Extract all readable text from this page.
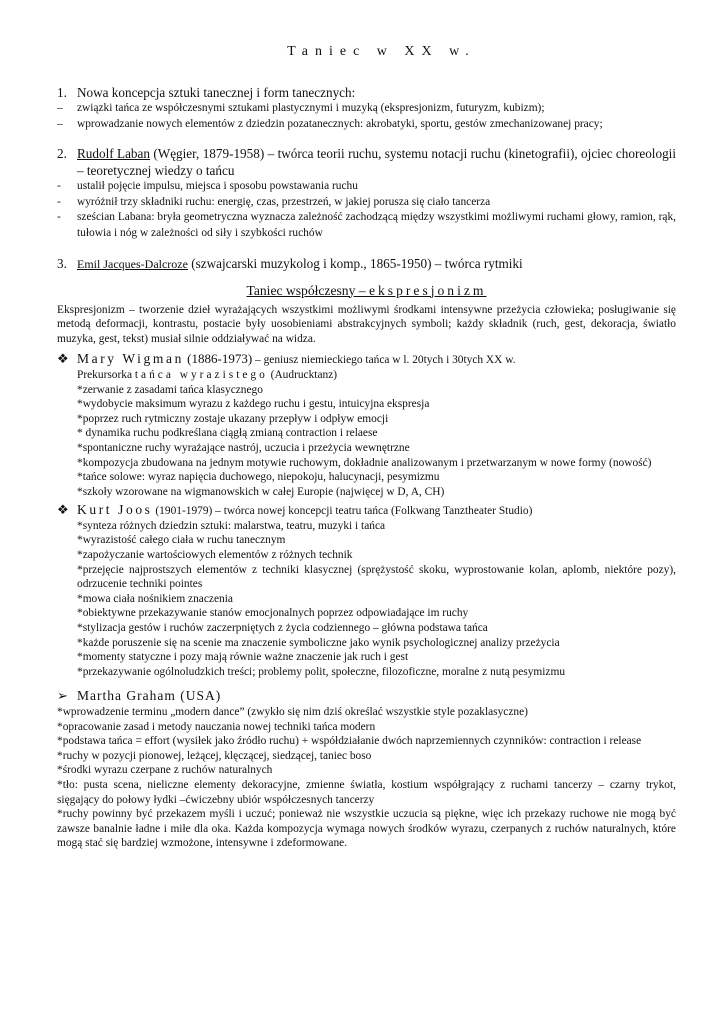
Taniec w XX w.
1. Nowa koncepcja sztuki tanecznej i form tanecznych:
–	związki tańca ze współczesnymi sztukami plastycznymi i muzyką (ekspresjonizm, futuryzm, kubizm);
–	wprowadzanie nowych elementów z dziedzin pozatanecznych: akrobatyki, sportu, gestów zmechanizowanej pracy;
2. Rudolf Laban (Węgier, 1879-1958) – twórca teorii ruchu, systemu notacji ruchu (kinetografii), ojciec choreologii – teoretycznej wiedzy o tańcu
-	ustalił pojęcie impulsu, miejsca i sposobu powstawania ruchu
-	wyróżnił trzy składniki ruchu: energię, czas, przestrzeń, w jakiej porusza się ciało tancerza
-	sześcian Labana: bryła geometryczna wyznacza zależność zachodzącą między wszystkimi możliwymi ruchami głowy, ramion, rąk, tułowia i nóg w zależności od siły i szybkości ruchów
3. Emil Jacques-Dalcroze (szwajcarski muzykolog i komp., 1865-1950) – twórca rytmiki
Taniec współczesny – ekspresjonizm
Ekspresjonizm – tworzenie dzieł wyrażających wszystkimi możliwymi środkami intensywne przeżycia człowieka; posługiwanie się metodą deformacji, kontrastu, postacie były uosobieniami abstrakcyjnych symboli; każdy składnik (ruch, gest, dekoracja, światło muzyka, gest, tekst) musiał silnie oddziaływać na widza.
❖ Mary Wigman (1886-1973) – geniusz niemieckiego tańca w l. 20tych i 30tych XX w.
Prekursorka tańca wyrazistego (Audrucktanz)
*zerwanie z zasadami tańca klasycznego
*wydobycie maksimum wyrazu z każdego ruchu i gestu, intuicyjna ekspresja
*poprzez ruch rytmiczny zostaje ukazany przepływ i odpływ emocji
* dynamika ruchu podkreślana ciągłą zmianą contraction i relaese
*spontaniczne ruchy wyrażające nastrój, uczucia i przeżycia wewnętrzne
*kompozycja zbudowana na jednym motywie ruchowym, dokładnie analizowanym i przetwarzanym w nowe formy (nowość)
*tańce solowe: wyraz napięcia duchowego, niepokoju, halucynacji, pesymizmu
*szkoły wzorowane na wigmanowskich w całej Europie (najwięcej w D, A, CH)
❖ Kurt Joos (1901-1979) – twórca nowej koncepcji teatru tańca (Folkwang Tanztheater Studio)
*synteza różnych dziedzin sztuki: malarstwa, teatru, muzyki i tańca
*wyrazistość całego ciała w ruchu tanecznym
*zapożyczanie wartościowych elementów z różnych technik
*przejęcie najprostszych elementów z techniki klasycznej (sprężystość skoku, wyprostowanie kolan, aplomb, niektóre pozy), odrzucenie techniki pointes
*mowa ciała nośnikiem znaczenia
*obiektywne przekazywanie stanów emocjonalnych poprzez odpowiadające im ruchy
*stylizacja gestów i ruchów zaczerpniętych z życia codziennego – główna podstawa tańca
*każde poruszenie się na scenie ma znaczenie symboliczne jako wynik psychologicznej analizy przeżycia
*momenty statyczne i pozy mają równie ważne znaczenie jak ruch i gest
*przekazywanie ogólnoludzkich treści; problemy polit, społeczne, filozoficzne, moralne z nutą pesymizmu
➢ Martha Graham (USA)
*wprowadzenie terminu „modern dance” (zwykło się nim dziś określać wszystkie style pozaklasyczne)
*opracowanie zasad i metody nauczania nowej techniki tańca modern
*podstawa tańca = effort (wysiłek jako źródło ruchu) + współdziałanie dwóch naprzemiennych czynników: contraction i release
*ruchy w pozycji pionowej, leżącej, klęczącej, siedzącej, taniec boso
*środki wyrazu czerpane z ruchów naturalnych
*tło: pusta scena, nieliczne elementy dekoracyjne, zmienne światła, kostium współgrający z ruchami tancerzy – czarny trykot, sięgający do połowy łydki –ćwiczebny ubiór współczesnych tancerzy
*ruchy powinny być przekazem myśli i uczuć; ponieważ nie wszystkie uczucia są piękne, więc ich przekazy ruchowe nie mogą być zawsze banalnie ładne i miłe dla oka. Każda kompozycja wymaga nowych środków wyrazu, czerpanych z ruchów naturalnych, które mogą stać się bardziej wzmożone, intensywne i zdeformowane.
